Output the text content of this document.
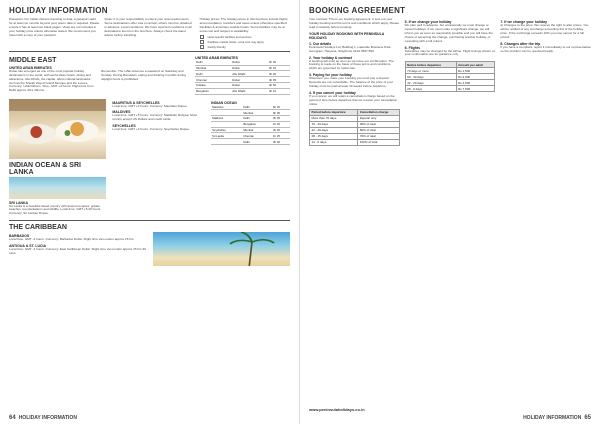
HOLIDAY INFORMATION
Passports: For Indian citizens traveling to Asia, a passport valid for at least six months beyond your return date is required. Please ensure it has at least two blank pages. Visas are not included in your holiday price unless otherwise stated. We recommend you travel with a copy of your passport.
Visas: It is your responsibility to check your visa requirements. Some destinations offer visa on arrival; others must be obtained in advance. Local conditions: We have reported conditions in all destinations found on the brochure. Always check the latest advice before travelling.
Holiday prices: The holiday prices in this brochure include flights, accommodation, transfers and taxes unless otherwise specified. Facilities & amenities outside hotels: Some facilities may be at extra cost and subject to availability.
Hotel specific facilities and services
Facilities outside hotels, extra cost may apply
Family friendly
MIDDLE EAST
UNITED ARAB EMIRATES
Dubai has emerged as one of the most popular holiday destinations in the world, with world-class hotels, dining and attractions. Abu Dhabi, the capital, offers cultural landmarks such as the Sheikh Zayed Grand Mosque and the Louvre. Currency: UAE Dirham. Time: GMT +4 hours. Flight time from Delhi approx 3hrs 30mins.
Remember: The UAE observes a weekend on Saturday and Sunday. During Ramadan, eating and drinking in public during daylight hours is prohibited.
UNITED ARAB EMIRATES
Delhi	Dubai	3h 30
Mumbai	Dubai	3h 10
Delhi	Abu Dhabi	3h 40
Chennai	Dubai	4h 05
Kolkata	Dubai	4h 50
Bengaluru	Abu Dhabi	4h 10
INDIAN OCEAN & SRI LANKA
SRI LANKA
Sri Lanka is a beautiful island country with ancient temples, golden beaches, tea plantations and wildlife. Local time: GMT +5.30 hours. Currency: Sri Lankan Rupee.
MAURITIUS & SEYCHELLES
Local time: GMT +4 hours. Currency: Mauritian Rupee.
MALDIVES
Local time: GMT +5 hours. Currency: Maldivian Rufiyaa. Most resorts accept US Dollars and credit cards.
SEYCHELLES
Local time: GMT +4 hours. Currency: Seychelles Rupee.
INDIAN OCEAN
Mauritius	Delhi	6h 20
	Mumbai	6h 05
Maldives	Delhi	3h 35
	Bengaluru	1h 45
Seychelles	Mumbai	4h 40
Sri Lanka	Chennai	1h 25
	Delhi	3h 30
THE CARIBBEAN
BARBADOS
Local time: GMT -4 hours. Currency: Barbados Dollar. Flight time via London approx 15 hrs.
ANTIGUA & ST. LUCIA
Local time: GMT -4 hours. Currency: East Caribbean Dollar. Flight time via London approx 15 hrs 30 mins.
64 HOLIDAY INFORMATION
BOOKING AGREEMENT
Your contract: This is our booking agreement. It sets out your holiday booking and the terms and conditions which apply. Please read it carefully before booking.
YOUR HOLIDAY BOOKING WITH PENINSULA HOLIDAYS
1. Our details
Peninsula Holidays Ltd, Building 1, Lakeside Business Park, Gurugram, Haryana. Telephone 0124 4567 890.
2. Your holiday & contract
A booking will exist as soon as we issue our confirmation. The booking is made on the basis of these terms and conditions, which are governed by Indian law.
3. Paying for your holiday
Whenever you make your booking you must pay a deposit. Deposits are non refundable. The balance of the price of your holiday must be paid at least 10 weeks before departure.
4. If you cancel your holiday
If you cancel, we will retain a cancellation charge based on the period of time before departure that we receive your cancellation notice.
Period before departure	Cancellation charge
More than 70 days	Deposit only
70 - 43 days	30% of total
42 - 29 days	50% of total
28 - 15 days	70% of total
14 - 0 days	100% of total
5. If we change your holiday
We plan well in advance, but occasionally we must change or cancel holidays. If we must make a significant change, we will inform you as soon as reasonably possible and you will have the choice of accepting the change, purchasing another holiday, or cancelling with a full refund.
6. Flights
Schedules may be changed by the airline. Flight timings shown on your confirmation are for guidance only.
Notice before departure	Amount per adult
70 days or more	Rs 1,500
69 - 43 days	Rs 3,000
42 - 29 days	Rs 4,500
28 - 0 days	Rs 7,500
7. If we change your holiday
a) Changes to the price: We reserve the right to alter prices. You will be notified of any surcharge exceeding 2% of the holiday price. If the surcharge exceeds 10% you may cancel for a full refund.
8. Changes after the trip
If you have a complaint, report it immediately to our representative so the problem can be resolved locally.
www.peninsulaholidays.co.in
HOLIDAY INFORMATION 65
